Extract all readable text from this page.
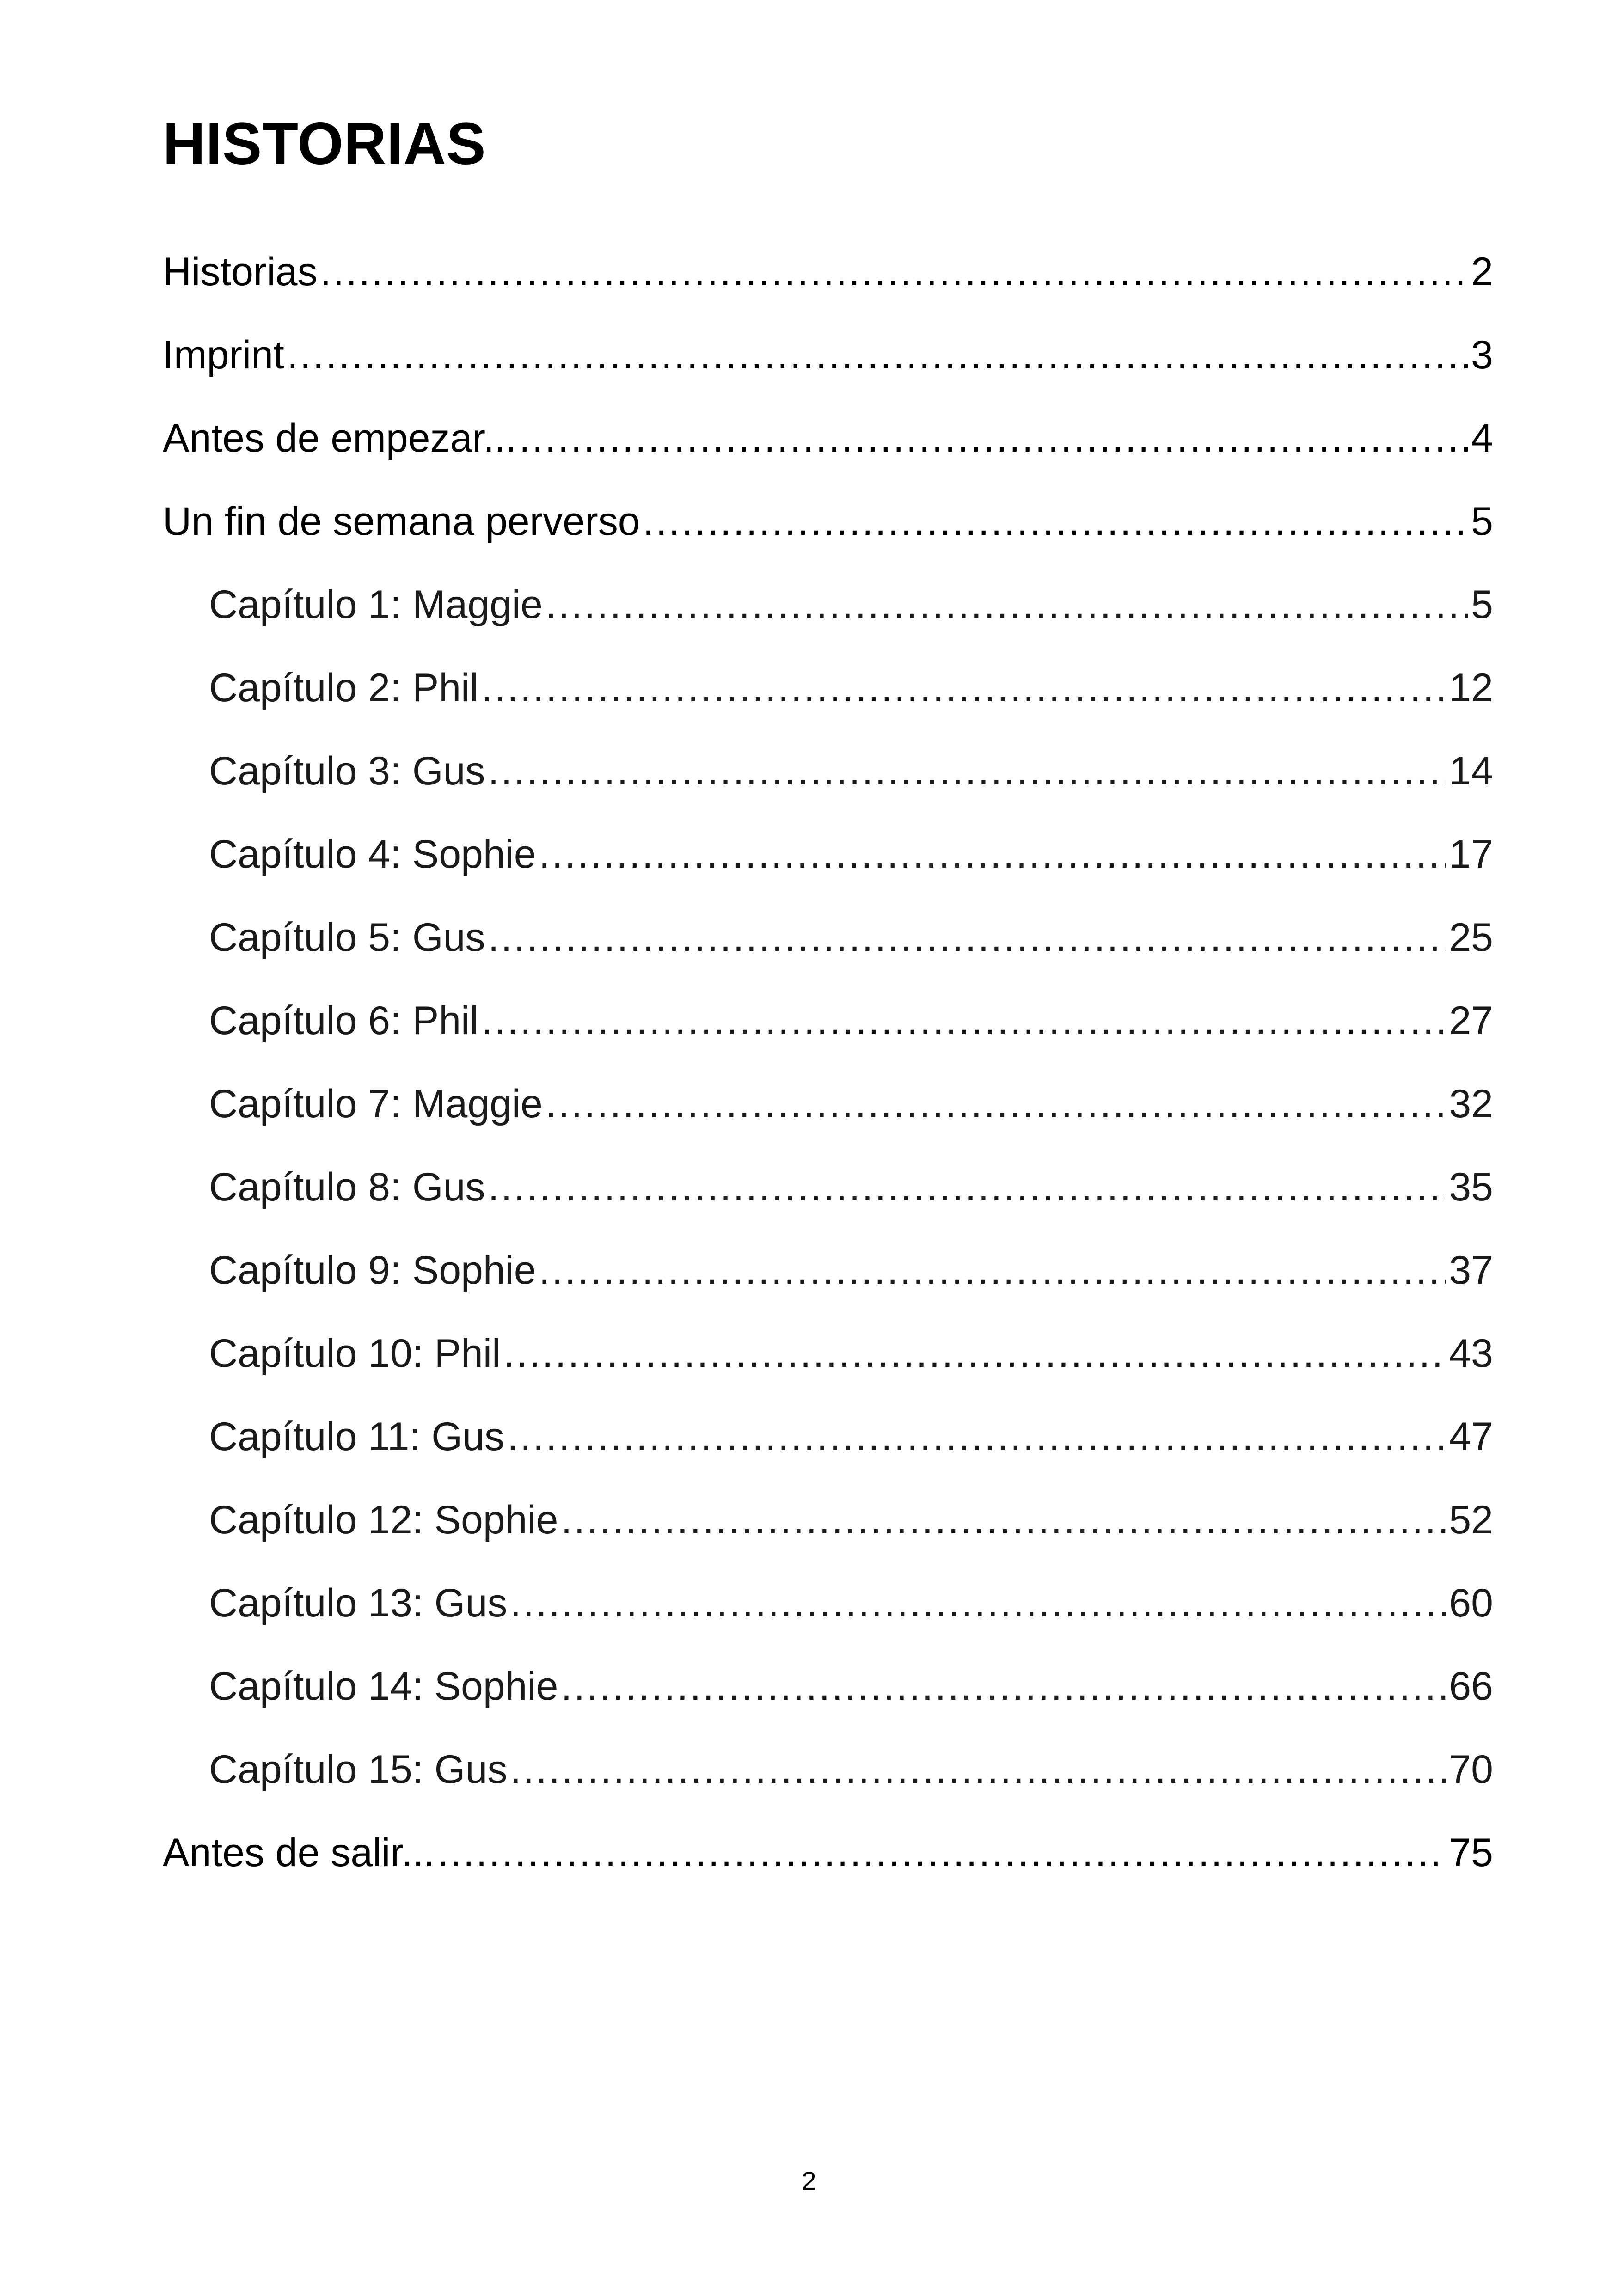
HISTORIAS
Historias .....	2
Imprint .....	3
Antes de empezar... .....	4
Un fin de semana perverso .....	5
Capítulo 1: Maggie .....	5
Capítulo 2: Phil .....	12
Capítulo 3: Gus .....	14
Capítulo 4: Sophie .....	17
Capítulo 5: Gus .....	25
Capítulo 6: Phil .....	27
Capítulo 7: Maggie .....	32
Capítulo 8: Gus .....	35
Capítulo 9: Sophie .....	37
Capítulo 10: Phil .....	43
Capítulo 11: Gus .....	47
Capítulo 12: Sophie .....	52
Capítulo 13: Gus .....	60
Capítulo 14: Sophie .....	66
Capítulo 15: Gus .....	70
Antes de salir... .....	75
2
